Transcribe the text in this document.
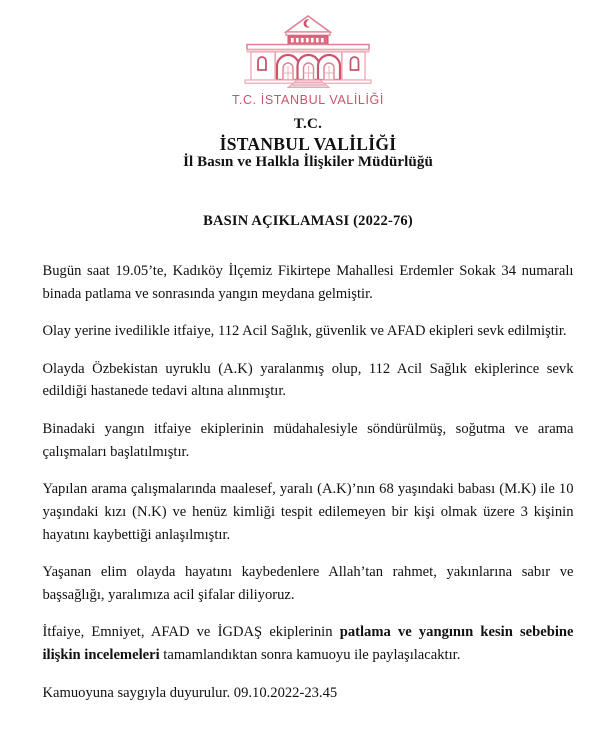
T.C. İSTANBUL VALİLİĞİ
T.C.
İSTANBUL VALİLİĞİ
İl Basın ve Halkla İlişkiler Müdürlüğü
BASIN AÇIKLAMASI (2022-76)

Bugün saat 19.05’te, Kadıköy İlçemiz Fikirtepe Mahallesi Erdemler Sokak 34 numaralı binada patlama ve sonrasında yangın meydana gelmiştir.

Olay yerine ivedilikle itfaiye, 112 Acil Sağlık, güvenlik ve AFAD ekipleri sevk edilmiştir.

Olayda Özbekistan uyruklu (A.K) yaralanmış olup, 112 Acil Sağlık ekiplerince sevk edildiği hastanede tedavi altına alınmıştır.

Binadaki yangın itfaiye ekiplerinin müdahalesiyle söndürülmüş, soğutma ve arama çalışmaları başlatılmıştır.

Yapılan arama çalışmalarında maalesef, yaralı (A.K)’nın 68 yaşındaki babası (M.K) ile 10 yaşındaki kızı (N.K) ve henüz kimliği tespit edilemeyen bir kişi olmak üzere 3 kişinin hayatını kaybettiği anlaşılmıştır.

Yaşanan elim olayda hayatını kaybedenlere Allah’tan rahmet, yakınlarına sabır ve başsağlığı, yaralımıza acil şifalar diliyoruz.

İtfaiye, Emniyet, AFAD ve İGDAŞ ekiplerinin patlama ve yangının kesin sebebine ilişkin incelemeleri tamamlandıktan sonra kamuoyu ile paylaşılacaktır.

Kamuoyuna saygıyla duyurulur. 09.10.2022-23.45
